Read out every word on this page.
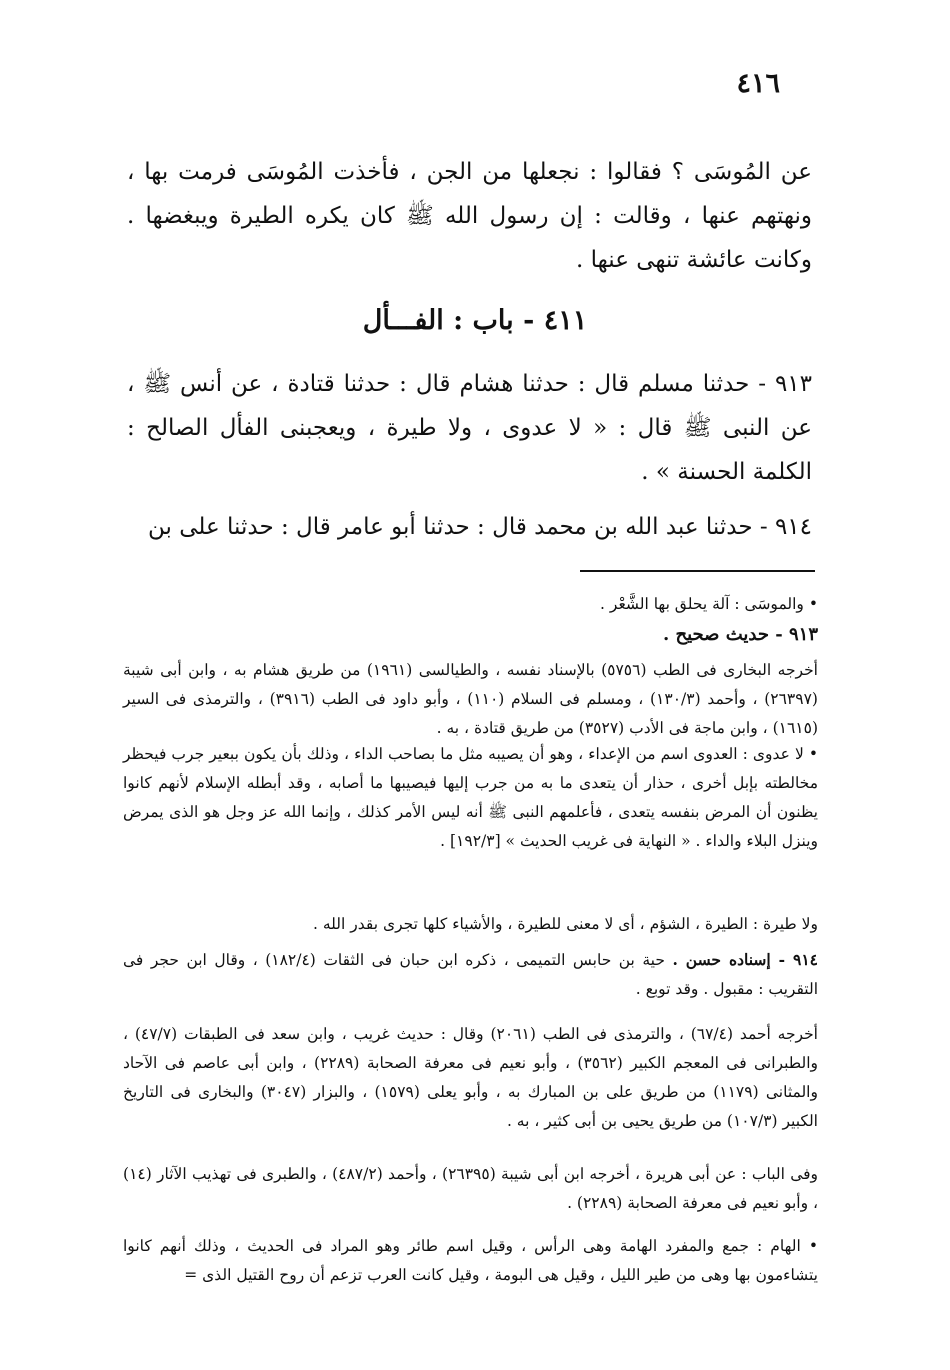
٤١٦

عن المُوسَى ؟ فقالوا : نجعلها من الجن ، فأخذت المُوسَى فرمت بها ، ونهتهم عنها ، وقالت : إن رسول الله ﷺ كان يكره الطيرة ويبغضها . وكانت عائشة تنهى عنها .

٤١١ - باب : الفـــأل

٩١٣ - حدثنا مسلم قال : حدثنا هشام قال : حدثنا قتادة ، عن أنس ﷺ ، عن النبى ﷺ قال : « لا عدوى ، ولا طيرة ، ويعجبنى الفأل الصالح : الكلمة الحسنة » .

٩١٤ - حدثنا عبد الله بن محمد قال : حدثنا أبو عامر قال : حدثنا على بن

• والموسَى : آلة يحلق بها الشَّعْر .

٩١٣ - حديث صحيح .

أخرجه البخارى فى الطب (٥٧٥٦) بالإسناد نفسه ، والطيالسى (١٩٦١) من طريق هشام به ، وابن أبى شيبة (٢٦٣٩٧) ، وأحمد (١٣٠/٣) ، ومسلم فى السلام (١١٠) ، وأبو داود فى الطب (٣٩١٦) ، والترمذى فى السير (١٦١٥) ، وابن ماجة فى الأدب (٣٥٢٧) من طريق قتادة ، به .

• لا عدوى : العدوى اسم من الإعداء ، وهو أن يصيبه مثل ما بصاحب الداء ، وذلك بأن يكون ببعير جرب فيحظر مخالطته بإبل أخرى ، حذار أن يتعدى ما به من جرب إليها فيصيبها ما أصابه ، وقد أبطله الإسلام لأنهم كانوا يظنون أن المرض بنفسه يتعدى ، فأعلمهم النبى ﷺ أنه ليس الأمر كذلك ، وإنما الله عز وجل هو الذى يمرض وينزل البلاء والداء . « النهاية فى غريب الحديث » [١٩٢/٣] .

ولا طيرة : الطيرة ، الشؤم ، أى لا معنى للطيرة ، والأشياء كلها تجرى بقدر الله .

٩١٤ - إسناده حسن . حية بن حابس التميمى ، ذكره ابن حبان فى الثقات (١٨٢/٤) ، وقال ابن حجر فى التقريب : مقبول . وقد توبع .

أخرجه أحمد (٦٧/٤) ، والترمذى فى الطب (٢٠٦١) وقال : حديث غريب ، وابن سعد فى الطبقات (٤٧/٧) ، والطبرانى فى المعجم الكبير (٣٥٦٢) ، وأبو نعيم فى معرفة الصحابة (٢٢٨٩) ، وابن أبى عاصم فى الآحاد والمثانى (١١٧٩) من طريق على بن المبارك به ، وأبو يعلى (١٥٧٩) ، والبزار (٣٠٤٧) والبخارى فى التاريخ الكبير (١٠٧/٣) من طريق يحيى بن أبى كثير ، به .

وفى الباب : عن أبى هريرة ، أخرجه ابن أبى شيبة (٢٦٣٩٥) ، وأحمد (٤٨٧/٢) ، والطبرى فى تهذيب الآثار (١٤) ، وأبو نعيم فى معرفة الصحابة (٢٢٨٩) .

• الهام : جمع والمفرد الهامة وهى الرأس ، وقيل اسم طائر وهو المراد فى الحديث ، وذلك أنهم كانوا يتشاءمون بها وهى من طير الليل ، وقيل هى البومة ، وقيل كانت العرب تزعم أن روح القتيل الذى =
